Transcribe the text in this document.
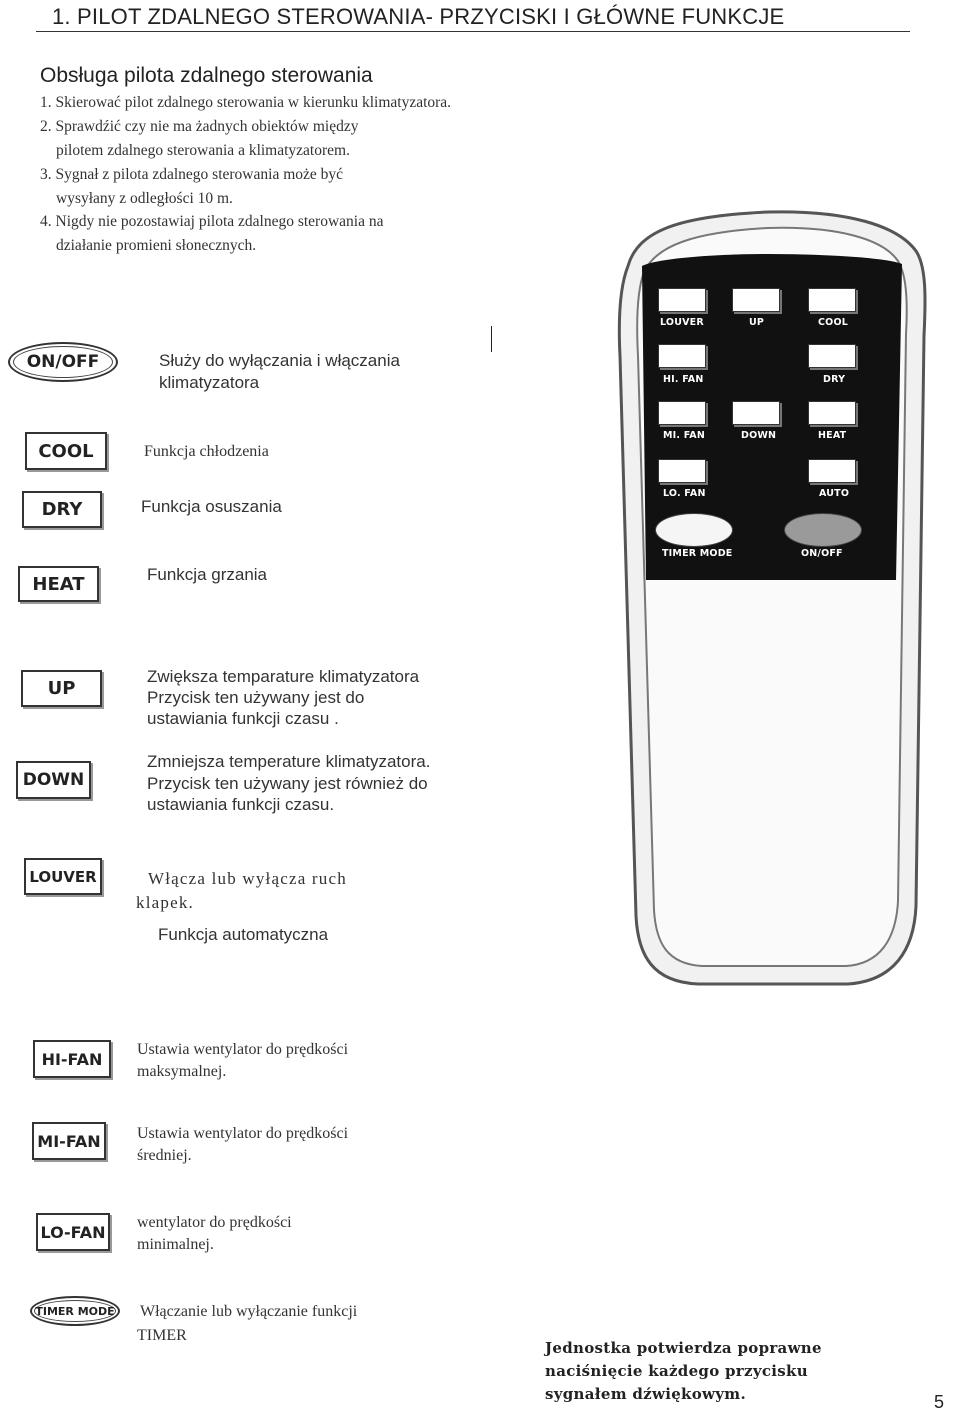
1. PILOT ZDALNEGO STEROWANIA- PRZYCISKI I GŁÓWNE FUNKCJE
Obsługa pilota zdalnego sterowania
1. Skierować pilot zdalnego sterowania w kierunku klimatyzatora.
2. Sprawdźić czy nie ma żadnych obiektów między
pilotem zdalnego sterowania a klimatyzatorem.
3. Sygnał z pilota zdalnego sterowania może być
wysyłany z odległości 10 m.
4. Nigdy nie pozostawiaj pilota zdalnego sterowania na
działanie promieni słonecznych.
ON/OFF	Służy do wyłączania i włączania
klimatyzatora
COOL	Funkcja chłodzenia
DRY	Funkcja osuszania
HEAT	Funkcja grzania
UP
Zwiększa temparature klimatyzatora
Przycisk ten używany jest do
ustawiania funkcji czasu .
DOWN
Zmniejsza temperature klimatyzatora.
Przycisk ten używany jest również do
ustawiania funkcji czasu.
LOUVER	Włącza lub wyłącza ruch
klapek.
Funkcja automatyczna
HI-FAN	Ustawia wentylator do prędkości
maksymalnej.
MI-FAN	Ustawia wentylator do prędkości
średniej.
LO-FAN wentylator do prędkości
minimalnej.
TIMER MODE Włączanie lub wyłączanie funkcji
TIMER
LOUVER	UP	COOL
HI. FAN	DRY
MI. FAN	DOWN	HEAT
LO. FAN	AUTO
TIMER MODE	ON/OFF
Jednostka potwierdza poprawne
naciśnięcie każdego przycisku
sygnałem dźwiękowym.	5
